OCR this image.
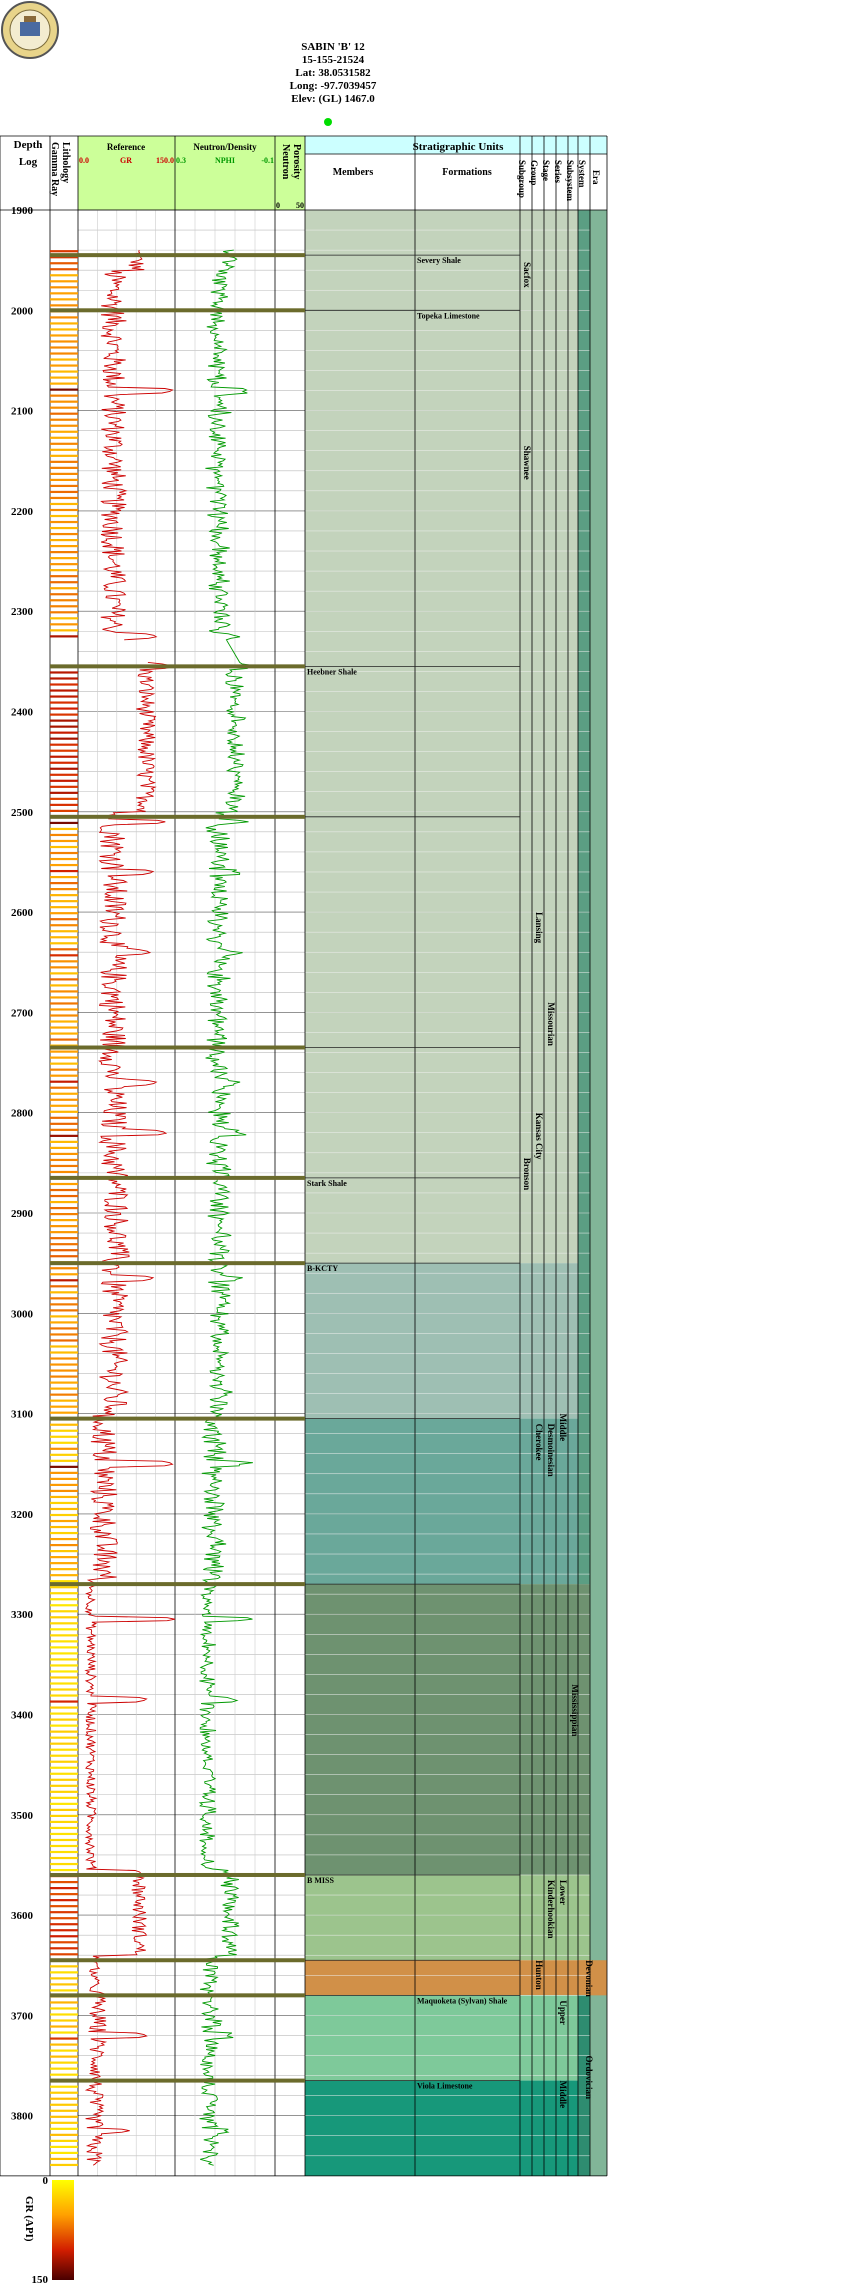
SABIN 'B' 12
15-155-21524
Lat: 38.0531582
Long: -97.7039457
Elev: (GL) 1467.0
1900
2000
2100
2200
2300
2400
2500
2600
2700
2800
2900
3000
3100
3200
3300
3400
3500
3600
3700
3800
Severy Shale
Topeka Limestone
Heebner Shale
Stark Shale
B-KCTY
B MISS
Maquoketa (Sylvan) Shale
Viola Limestone
Sacfox
Shawnee
Lansing
Kansas City
Bronson
Missourian
Cherokee Desmoinesian Middle
Mississippian
Lower
Kinderhookian
Hunton	Devonian
Upper
Ordovician
Middle
Depth
Log Lithology
Gamma Ray	Reference
0.0	GR	150.0
Neutron/Density
0.3	NPHI	-0.1 Porosity
Neutron
0 50
Stratigraphic Units
Members	Formations	Subgroup Group Stage Series Subsystem System Era
0
150
GR (API)
